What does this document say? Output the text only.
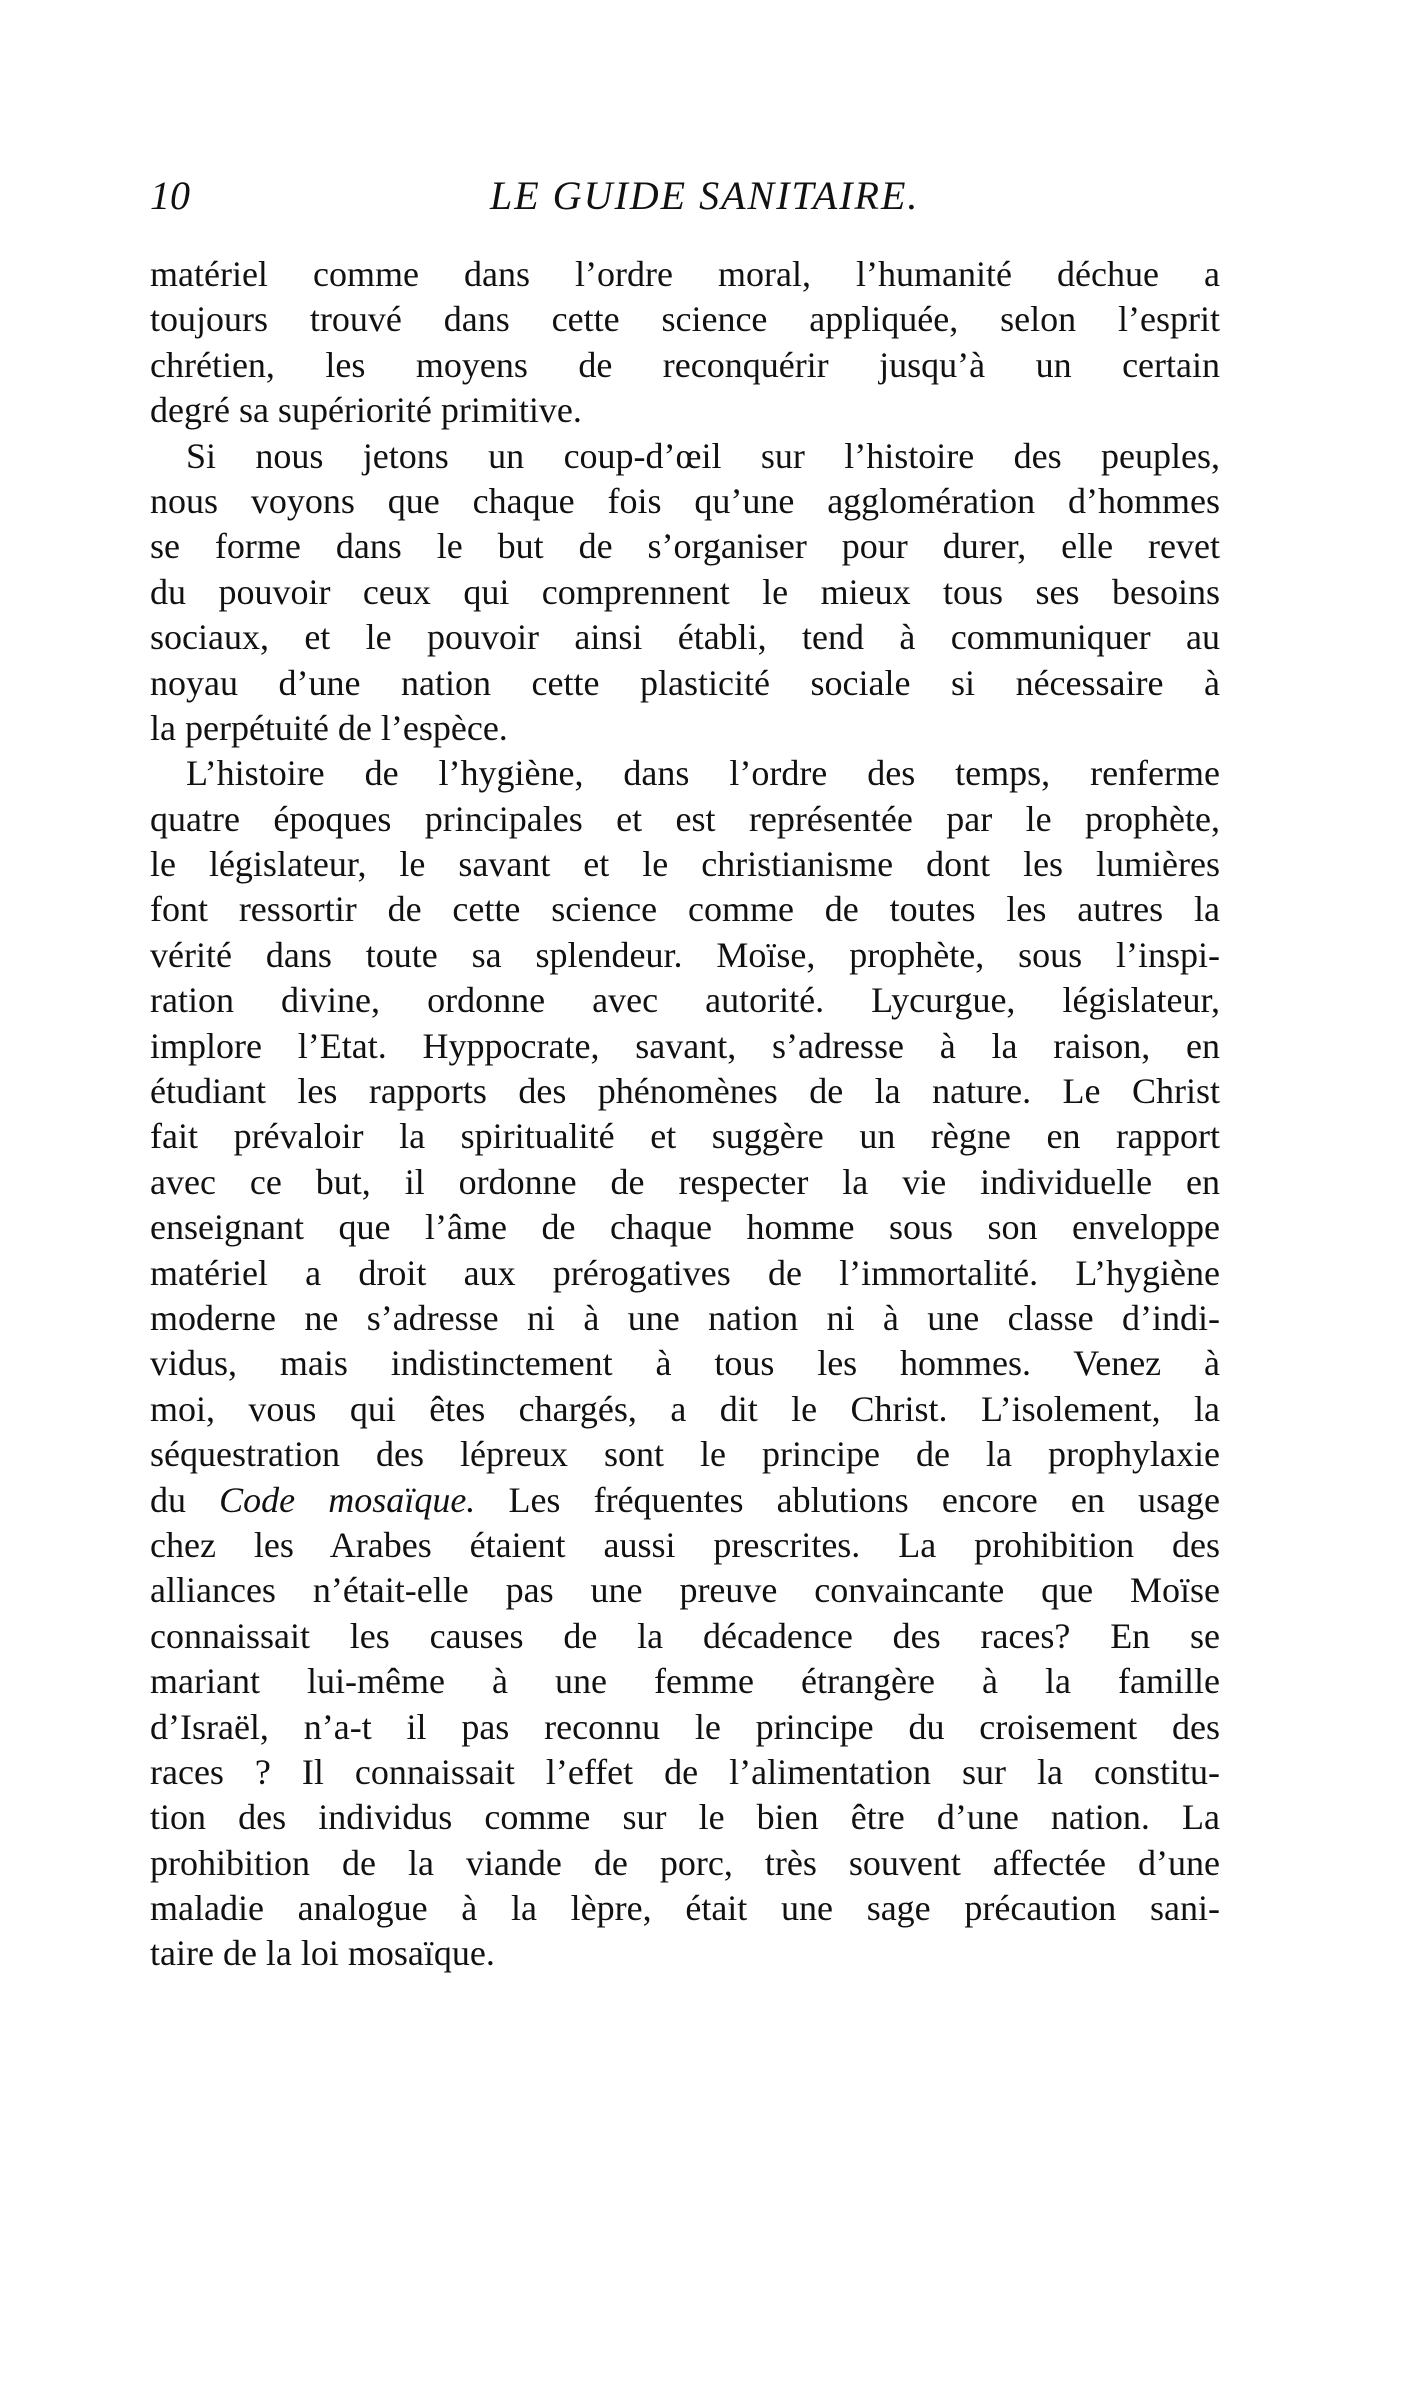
10	LE GUIDE SANITAIRE.
matériel comme dans l’ordre moral, l’humanité déchue a
toujours trouvé dans cette science appliquée, selon l’esprit
chrétien, les moyens de reconquérir jusqu’à un certain
degré sa supériorité primitive.
Si nous jetons un coup-d’œil sur l’histoire des peuples,
nous voyons que chaque fois qu’une agglomération d’hommes
se forme dans le but de s’organiser pour durer, elle revet
du pouvoir ceux qui comprennent le mieux tous ses besoins
sociaux, et le pouvoir ainsi établi, tend à communiquer au
noyau d’une nation cette plasticité sociale si nécessaire à
la perpétuité de l’espèce.
L’histoire de l’hygiène, dans l’ordre des temps, renferme
quatre époques principales et est représentée par le prophète,
le législateur, le savant et le christianisme dont les lumières
font ressortir de cette science comme de toutes les autres la
vérité dans toute sa splendeur. Moïse, prophète, sous l’inspi-
ration divine, ordonne avec autorité. Lycurgue, législateur,
implore l’Etat. Hyppocrate, savant, s’adresse à la raison, en
étudiant les rapports des phénomènes de la nature. Le Christ
fait prévaloir la spiritualité et suggère un règne en rapport
avec ce but, il ordonne de respecter la vie individuelle en
enseignant que l’âme de chaque homme sous son enveloppe
matériel a droit aux prérogatives de l’immortalité. L’hygiène
moderne ne s’adresse ni à une nation ni à une classe d’indi-
vidus, mais indistinctement à tous les hommes. Venez à
moi, vous qui êtes chargés, a dit le Christ. L’isolement, la
séquestration des lépreux sont le principe de la prophylaxie
du Code mosaïque. Les fréquentes ablutions encore en usage
chez les Arabes étaient aussi prescrites. La prohibition des
alliances n’était-elle pas une preuve convaincante que Moïse
connaissait les causes de la décadence des races? En se
mariant lui-même à une femme étrangère à la famille
d’Israël, n’a-t il pas reconnu le principe du croisement des
races ? Il connaissait l’effet de l’alimentation sur la constitu-
tion des individus comme sur le bien être d’une nation. La
prohibition de la viande de porc, très souvent affectée d’une
maladie analogue à la lèpre, était une sage précaution sani-
taire de la loi mosaïque.
